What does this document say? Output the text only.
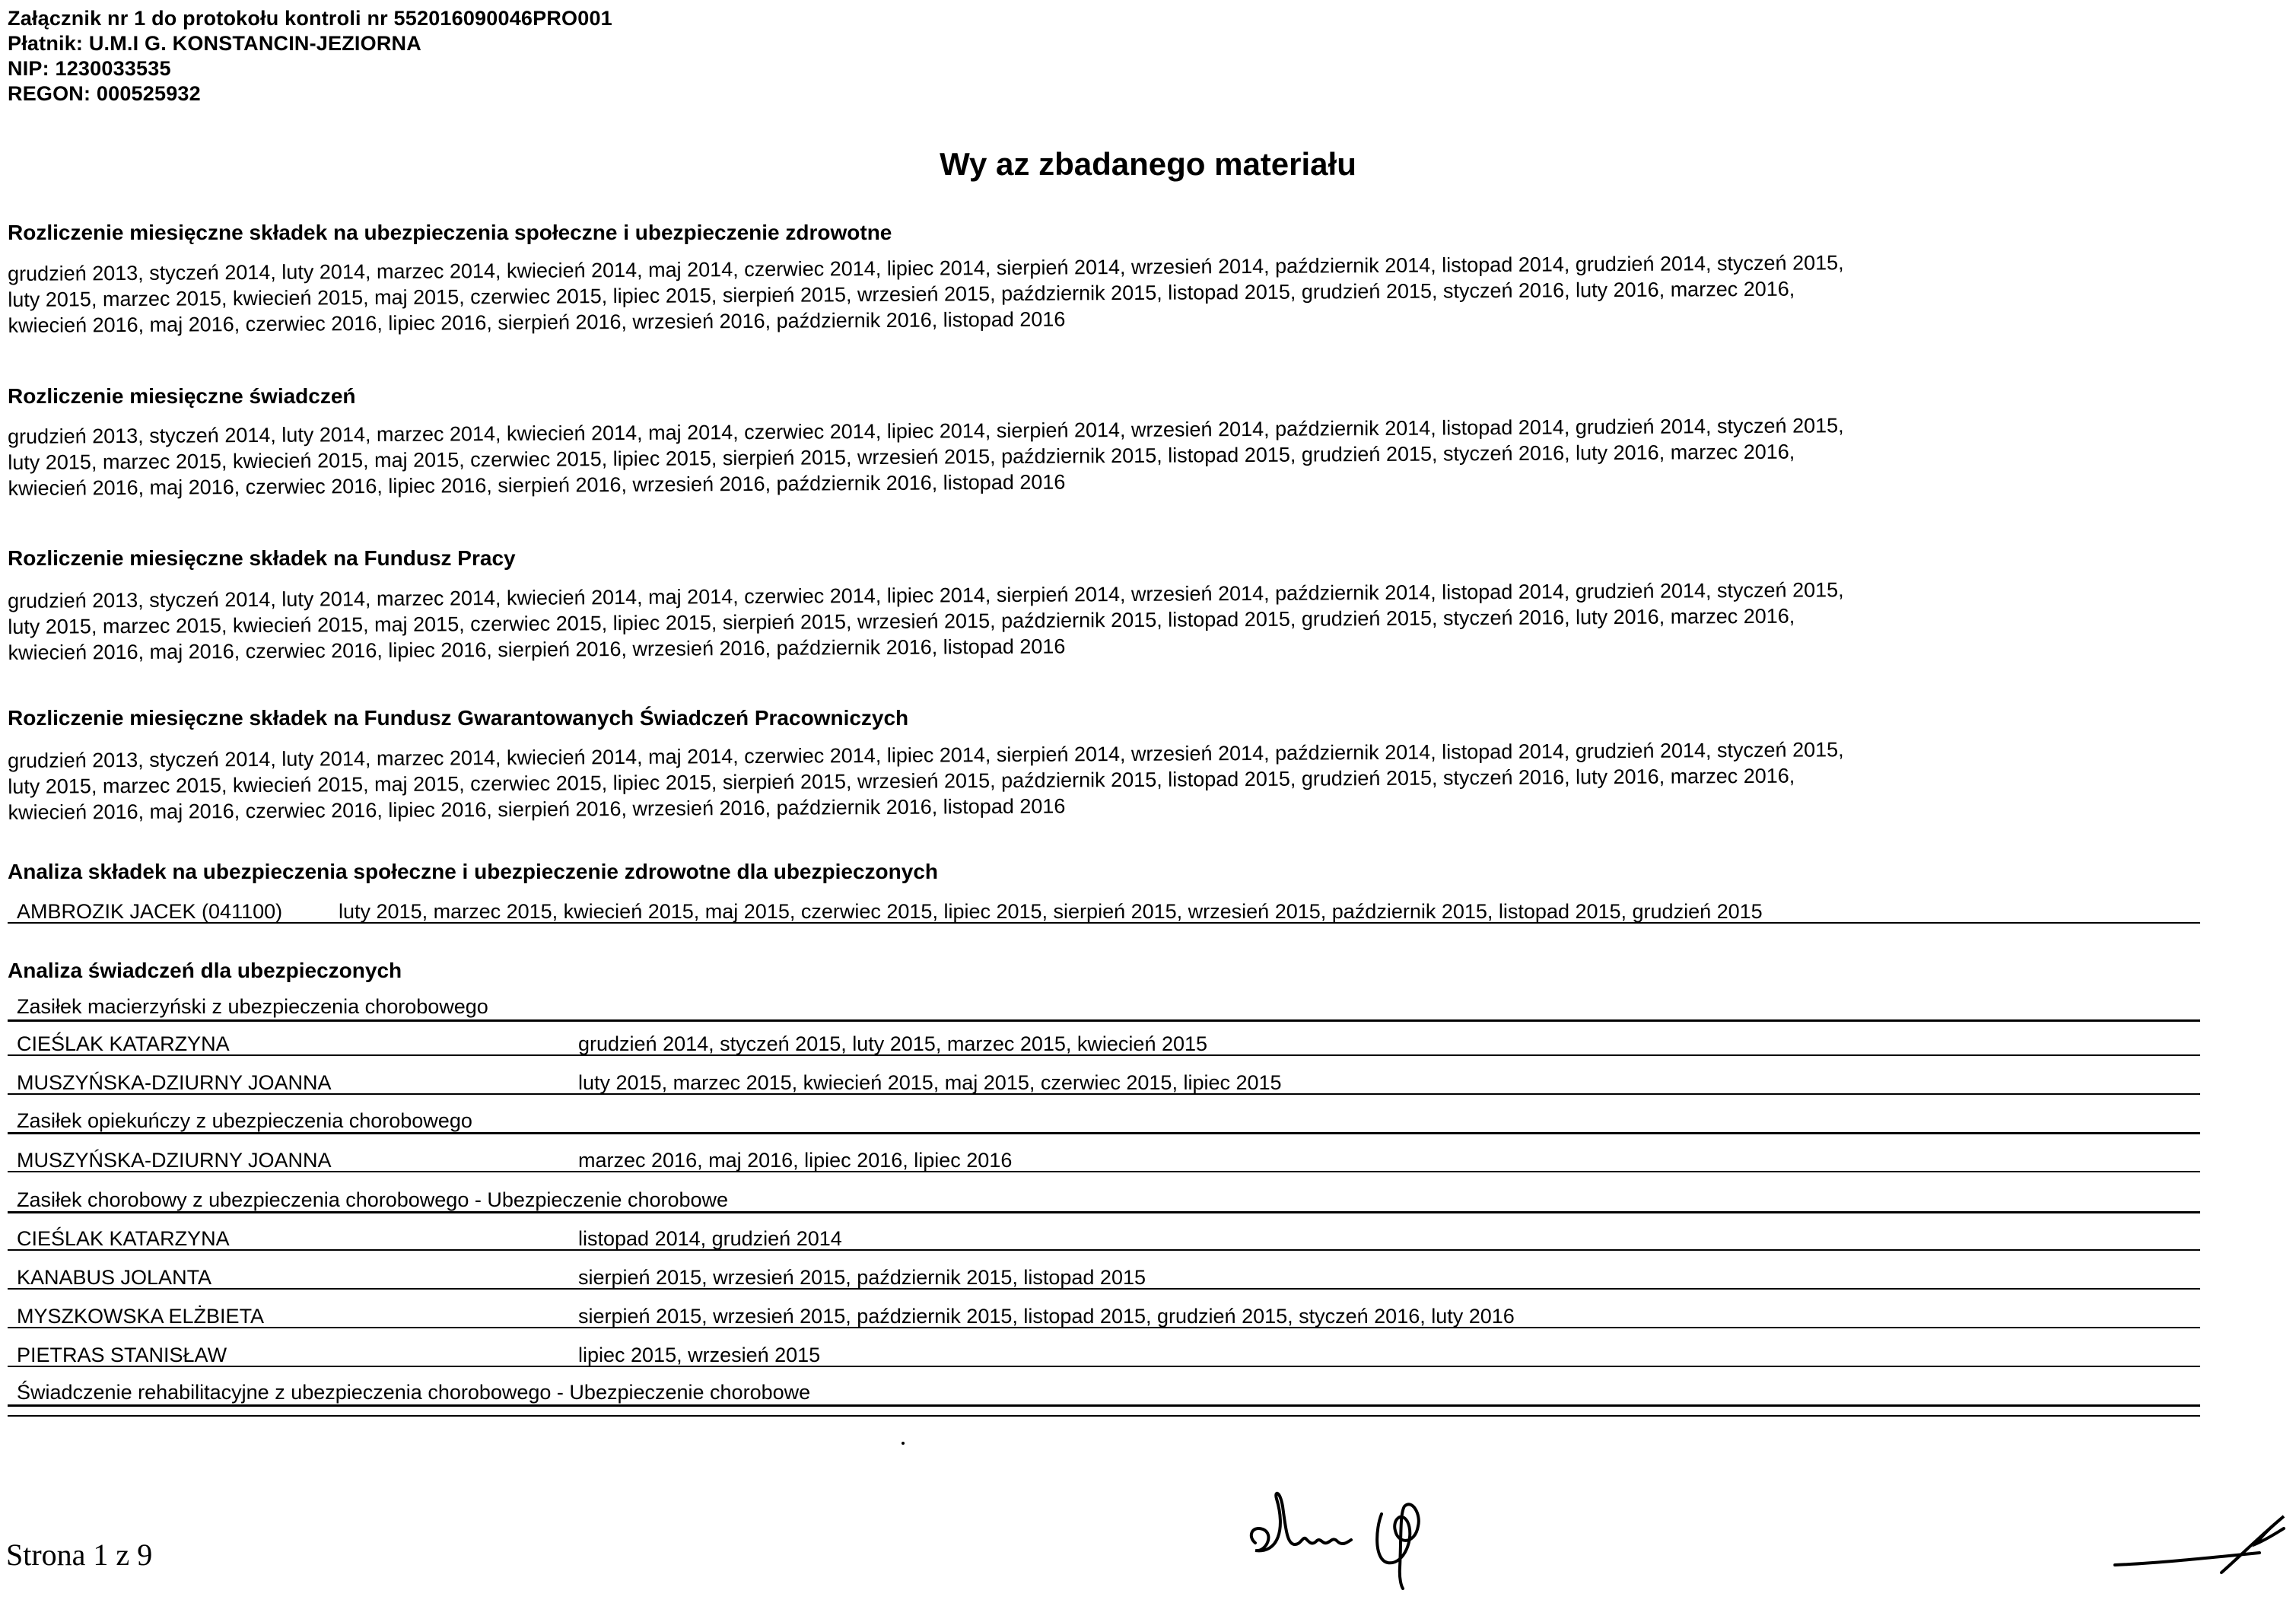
Załącznik nr 1 do protokołu kontroli nr 552016090046PRO001
Płatnik: U.M.I G. KONSTANCIN-JEZIORNA
NIP: 1230033535
REGON: 000525932
Wy az zbadanego materiału
Rozliczenie miesięczne składek na ubezpieczenia społeczne i ubezpieczenie zdrowotne
grudzień 2013, styczeń 2014, luty 2014, marzec 2014, kwiecień 2014, maj 2014, czerwiec 2014, lipiec 2014, sierpień 2014, wrzesień 2014, październik 2014, listopad 2014, grudzień 2014, styczeń 2015,
luty 2015, marzec 2015, kwiecień 2015, maj 2015, czerwiec 2015, lipiec 2015, sierpień 2015, wrzesień 2015, październik 2015, listopad 2015, grudzień 2015, styczeń 2016, luty 2016, marzec 2016,
kwiecień 2016, maj 2016, czerwiec 2016, lipiec 2016, sierpień 2016, wrzesień 2016, październik 2016, listopad 2016
Rozliczenie miesięczne świadczeń
grudzień 2013, styczeń 2014, luty 2014, marzec 2014, kwiecień 2014, maj 2014, czerwiec 2014, lipiec 2014, sierpień 2014, wrzesień 2014, październik 2014, listopad 2014, grudzień 2014, styczeń 2015,
luty 2015, marzec 2015, kwiecień 2015, maj 2015, czerwiec 2015, lipiec 2015, sierpień 2015, wrzesień 2015, październik 2015, listopad 2015, grudzień 2015, styczeń 2016, luty 2016, marzec 2016,
kwiecień 2016, maj 2016, czerwiec 2016, lipiec 2016, sierpień 2016, wrzesień 2016, październik 2016, listopad 2016
Rozliczenie miesięczne składek na Fundusz Pracy
grudzień 2013, styczeń 2014, luty 2014, marzec 2014, kwiecień 2014, maj 2014, czerwiec 2014, lipiec 2014, sierpień 2014, wrzesień 2014, październik 2014, listopad 2014, grudzień 2014, styczeń 2015,
luty 2015, marzec 2015, kwiecień 2015, maj 2015, czerwiec 2015, lipiec 2015, sierpień 2015, wrzesień 2015, październik 2015, listopad 2015, grudzień 2015, styczeń 2016, luty 2016, marzec 2016,
kwiecień 2016, maj 2016, czerwiec 2016, lipiec 2016, sierpień 2016, wrzesień 2016, październik 2016, listopad 2016
Rozliczenie miesięczne składek na Fundusz Gwarantowanych Świadczeń Pracowniczych
grudzień 2013, styczeń 2014, luty 2014, marzec 2014, kwiecień 2014, maj 2014, czerwiec 2014, lipiec 2014, sierpień 2014, wrzesień 2014, październik 2014, listopad 2014, grudzień 2014, styczeń 2015,
luty 2015, marzec 2015, kwiecień 2015, maj 2015, czerwiec 2015, lipiec 2015, sierpień 2015, wrzesień 2015, październik 2015, listopad 2015, grudzień 2015, styczeń 2016, luty 2016, marzec 2016,
kwiecień 2016, maj 2016, czerwiec 2016, lipiec 2016, sierpień 2016, wrzesień 2016, październik 2016, listopad 2016
Analiza składek na ubezpieczenia społeczne i ubezpieczenie zdrowotne dla ubezpieczonych
AMBROZIK JACEK (041100)	luty 2015, marzec 2015, kwiecień 2015, maj 2015, czerwiec 2015, lipiec 2015, sierpień 2015, wrzesień 2015, październik 2015, listopad 2015, grudzień 2015
Analiza świadczeń dla ubezpieczonych
Zasiłek macierzyński z ubezpieczenia chorobowego
CIEŚLAK KATARZYNA	grudzień 2014, styczeń 2015, luty 2015, marzec 2015, kwiecień 2015
MUSZYŃSKA-DZIURNY JOANNA	luty 2015, marzec 2015, kwiecień 2015, maj 2015, czerwiec 2015, lipiec 2015
Zasiłek opiekuńczy z ubezpieczenia chorobowego
MUSZYŃSKA-DZIURNY JOANNA	marzec 2016, maj 2016, lipiec 2016, lipiec 2016
Zasiłek chorobowy z ubezpieczenia chorobowego - Ubezpieczenie chorobowe
CIEŚLAK KATARZYNA	listopad 2014, grudzień 2014
KANABUS JOLANTA	sierpień 2015, wrzesień 2015, październik 2015, listopad 2015
MYSZKOWSKA ELŻBIETA	sierpień 2015, wrzesień 2015, październik 2015, listopad 2015, grudzień 2015, styczeń 2016, luty 2016
PIETRAS STANISŁAW	lipiec 2015, wrzesień 2015
Świadczenie rehabilitacyjne z ubezpieczenia chorobowego - Ubezpieczenie chorobowe
Strona 1 z 9
